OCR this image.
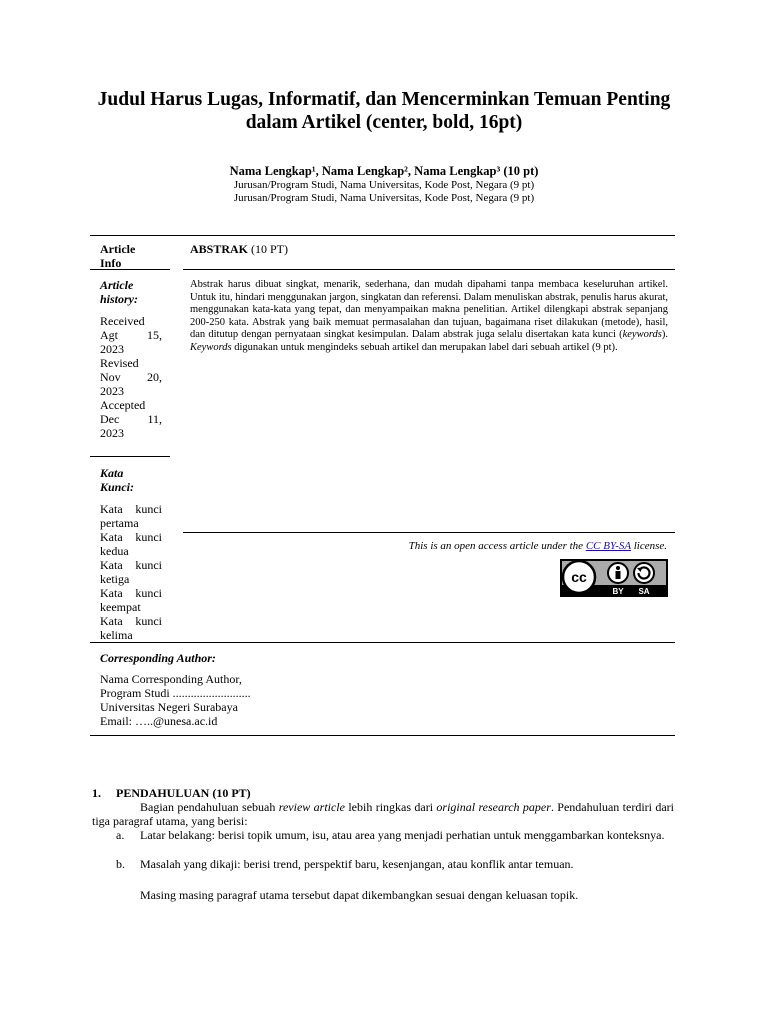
Judul Harus Lugas, Informatif, dan Mencerminkan Temuan Penting dalam Artikel (center, bold, 16pt)
Nama Lengkap¹, Nama Lengkap², Nama Lengkap³ (10 pt)
Jurusan/Program Studi, Nama Universitas, Kode Post, Negara (9 pt)
Jurusan/Program Studi, Nama Universitas, Kode Post, Negara (9 pt)
Article
Info
Article
history:
Received
Agt 15,
2023
Revised
Nov 20,
2023
Accepted
Dec 11,
2023
Kata
Kunci:
Kata kunci
pertama
Kata kunci
kedua
Kata kunci
ketiga
Kata kunci
keempat
Kata kunci
kelima
ABSTRAK (10 PT)
Abstrak harus dibuat singkat, menarik, sederhana, dan mudah dipahami tanpa membaca keseluruhan artikel. Untuk itu, hindari menggunakan jargon, singkatan dan referensi. Dalam menuliskan abstrak, penulis harus akurat, menggunakan kata-kata yang tepat, dan menyampaikan makna penelitian. Artikel dilengkapi abstrak sepanjang 200-250 kata. Abstrak yang baik memuat permasalahan dan tujuan, bagaimana riset dilakukan (metode), hasil, dan ditutup dengan pernyataan singkat kesimpulan. Dalam abstrak juga selalu disertakan kata kunci (keywords). Keywords digunakan untuk mengindeks sebuah artikel dan merupakan label dari sebuah artikel (9 pt).
This is an open access article under the CC BY-SA license.
cc
BY SA
Corresponding Author:
Nama Corresponding Author,
Program Studi ..........................
Universitas Negeri Surabaya
Email: …..@unesa.ac.id
1. PENDAHULUAN (10 PT)
Bagian pendahuluan sebuah review article lebih ringkas dari original research paper. Pendahuluan terdiri dari tiga paragraf utama, yang berisi:
a. Latar belakang: berisi topik umum, isu, atau area yang menjadi perhatian untuk menggambarkan konteksnya.
b. Masalah yang dikaji: berisi trend, perspektif baru, kesenjangan, atau konflik antar temuan.
Masing masing paragraf utama tersebut dapat dikembangkan sesuai dengan keluasan topik.
